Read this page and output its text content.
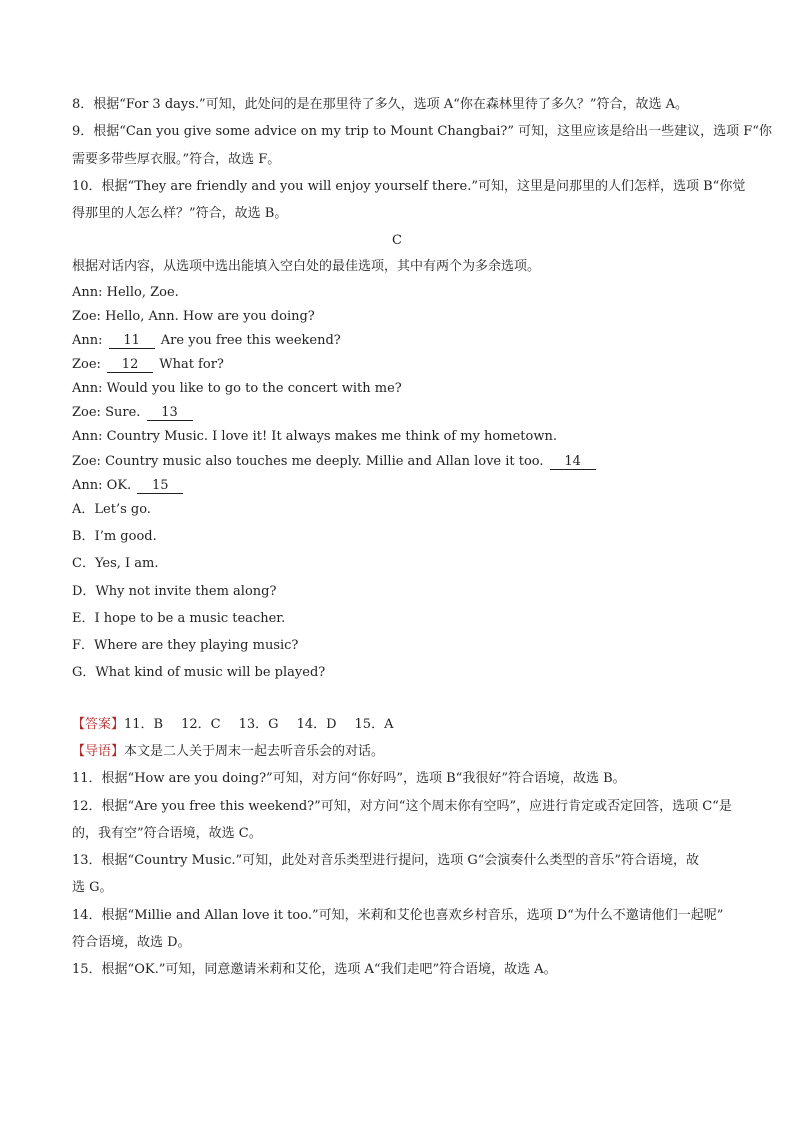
8．根据“For 3 days.”可知，此处问的是在那里待了多久，选项 A“你在森林里待了多久？”符合，故选 A。
9．根据“Can you give some advice on my trip to Mount Changbai?” 可知，这里应该是给出一些建议，选项 F“你
需要多带些厚衣服。”符合，故选 F。
10．根据“They are friendly and you will enjoy yourself there.”可知，这里是问那里的人们怎样，选项 B“你觉
得那里的人怎么样？”符合，故选 B。
C
根据对话内容，从选项中选出能填入空白处的最佳选项，其中有两个为多余选项。
Ann: Hello, Zoe.
Zoe: Hello, Ann. How are you doing?
Ann: 11 Are you free this weekend?
Zoe: 12 What for?
Ann: Would you like to go to the concert with me?
Zoe: Sure. 13
Ann: Country Music. I love it! It always makes me think of my hometown.
Zoe: Country music also touches me deeply. Millie and Allan love it too. 14
Ann: OK. 15
A．Let’s go.
B．I’m good.
C．Yes, I am.
D．Why not invite them along?
E．I hope to be a music teacher.
F．Where are they playing music?
G．What kind of music will be played?
【答案】11．B 12．C 13．G 14．D 15．A
【导语】本文是二人关于周末一起去听音乐会的对话。
11．根据“How are you doing?”可知，对方问“你好吗”，选项 B“我很好”符合语境，故选 B。
12．根据“Are you free this weekend?”可知，对方问“这个周末你有空吗”，应进行肯定或否定回答，选项 C“是
的，我有空”符合语境，故选 C。
13．根据“Country Music.”可知，此处对音乐类型进行提问，选项 G“会演奏什么类型的音乐”符合语境，故
选 G。
14．根据“Millie and Allan love it too.”可知，米莉和艾伦也喜欢乡村音乐，选项 D“为什么不邀请他们一起呢”
符合语境，故选 D。
15．根据“OK.”可知，同意邀请米莉和艾伦，选项 A“我们走吧”符合语境，故选 A。
